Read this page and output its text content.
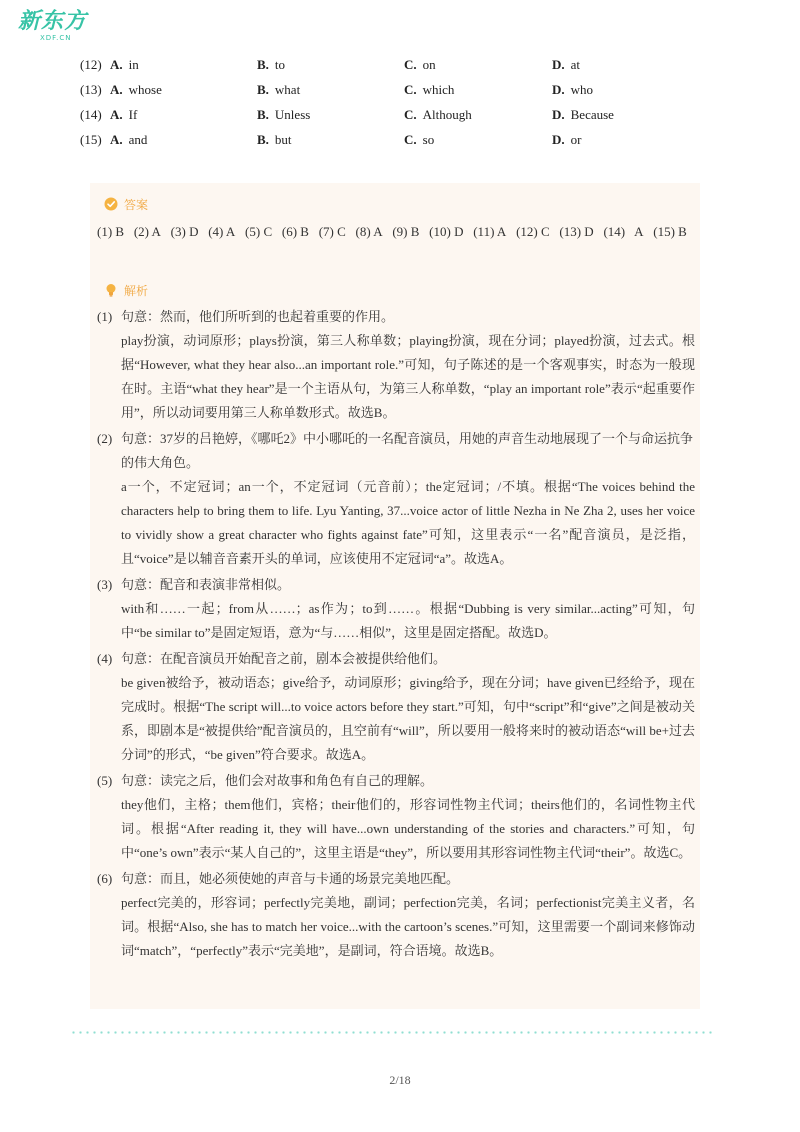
新东方
XDF.CN
(12) A. in	B. to	C. on	D. at
(13) A. whose	B. what	C. which	D. who
(14) A. If	B. Unless	C. Although	D. Because
(15) A. and	B. but	C. so	D. or
答案
(1) B   (2) A   (3) D   (4) A   (5) C   (6) B   (7) C   (8) A   (9) B   (10) D   (11) A   (12) C   (13) D   (14)   A   (15) B
解析
(1) 句意：然而，他们所听到的也起着重要的作用。

play扮演，动词原形；plays扮演，第三人称单数；playing扮演，现在分词；played扮演，过去式。根据“However, what they hear also...an important role.”可知，句子陈述的是一个客观事实，时态为一般现在时。主语“what they hear”是一个主语从句，为第三人称单数，“play an important role”表示“起重要作用”，所以动词要用第三人称单数形式。故选B。

(2) 句意：37岁的吕艳婷，《哪吒2》中小哪吒的一名配音演员，用她的声音生动地展现了一个与命运抗争的伟大角色。

a一个，不定冠词；an一个，不定冠词（元音前）；the定冠词；/不填。根据“The voices behind the characters help to bring them to life. Lyu Yanting, 37...voice actor of little Nezha in Ne Zha 2, uses her voice to vividly show a great character who fights against fate”可知，这里表示“一名”配音演员，是泛指，且“voice”是以辅音音素开头的单词，应该使用不定冠词“a”。故选A。

(3) 句意：配音和表演非常相似。

with和……一起；from从……；as作为；to到……。根据“Dubbing is very similar...acting”可知，句中“be similar to”是固定短语，意为“与……相似”，这里是固定搭配。故选D。

(4) 句意：在配音演员开始配音之前，剧本会被提供给他们。

be given被给予，被动语态；give给予，动词原形；giving给予，现在分词；have given已经给予，现在完成时。根据“The script will...to voice actors before they start.”可知，句中“script”和“give”之间是被动关系，即剧本是“被提供给”配音演员的，且空前有“will”，所以要用一般将来时的被动语态“will be+过去分词”的形式，“be given”符合要求。故选A。

(5) 句意：读完之后，他们会对故事和角色有自己的理解。

they他们，主格；them他们，宾格；their他们的，形容词性物主代词；theirs他们的，名词性物主代词。根据“After reading it, they will have...own understanding of the stories and characters.”可知，句中“one’s own”表示“某人自己的”，这里主语是“they”，所以要用其形容词性物主代词“their”。故选C。

(6) 句意：而且，她必须使她的声音与卡通的场景完美地匹配。

perfect完美的，形容词；perfectly完美地，副词；perfection完美，名词；perfectionist完美主义者，名词。根据“Also, she has to match her voice...with the cartoon’s scenes.”可知，这里需要一个副词来修饰动词“match”，“perfectly”表示“完美地”，是副词，符合语境。故选B。

2/18
